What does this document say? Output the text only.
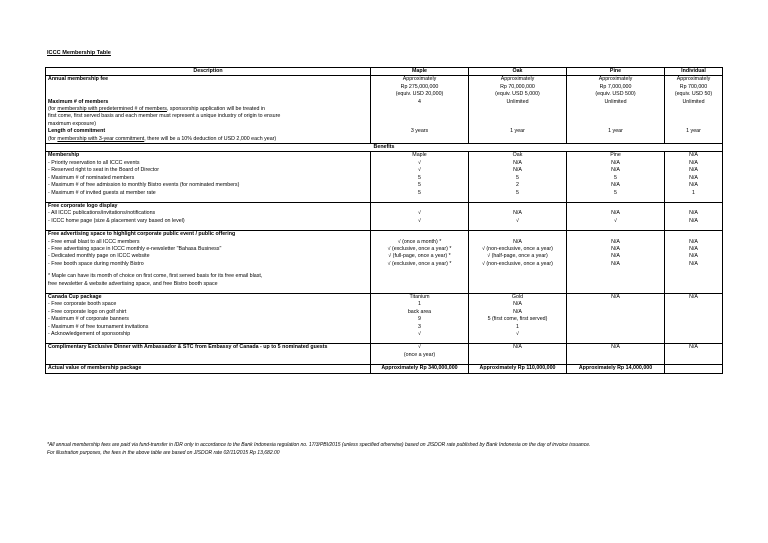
ICCC Membership Table
Description	Maple	Oak	Pine	Individual
Annual membership fee	Approximately	Approximately	Approximately	Approximately
	Rp 275,000,000	Rp 70,000,000	Rp 7,000,000	Rp 700,000
	(equiv. USD 20,000)	(equiv. USD 5,000)	(equiv. USD 500)	(equiv. USD 50)
Maximum # of members	4	Unlimited	Unlimited	Unlimited
(for membership with predetermined # of members, sponsorship application will be treated in				
first come, first served basis and each member must represent a unique industry of origin to ensure				
maximum exposure)				
Length of commitment	3 years	1 year	1 year	1 year
(for membership with 3-year commitment, there will be a 10% deduction of USD 2,000 each year)				
Benefits				
Membership	Maple	Oak	Pine	N/A
- Priority reservation to all ICCC events	√	N/A	N/A	N/A
- Reserved right to seat in the Board of Director	√	N/A	N/A	N/A
- Maximum # of nominated members	5	5	5	N/A
- Maximum # of free admission to monthly Bistro events (for nominated members)	5	2	N/A	N/A
- Maximum # of invited guests at member rate	5	5	5	1

Free corporate logo display				
- All ICCC publications/invitations/notifications	√	N/A	N/A	N/A
- ICCC home page (size & placement vary based on level)	√	√	√	N/A

Free advertising space to highlight corporate public event / public offering				
- Free email blast to all ICCC members	√ (once a month) *	N/A	N/A	N/A
- Free advertising space in ICCC monthly e-newsletter "Bahasa Business"	√ (exclusive, once a year) *	√ (non-exclusive, once a year)	N/A	N/A
- Dedicated monthly page on ICCC website	√ (full-page, once a year) *	√ (half-page, once a year)	N/A	N/A
- Free booth space during monthly Bistro	√ (exclusive, once a year) *	√ (non-exclusive, once a year)	N/A	N/A

* Maple can have its month of choice on first come, first served basis for its free email blast,				
free newsletter & website advertising space, and free Bistro booth space				

Canada Cup package	Titanium	Gold	N/A	N/A
- Free corporate booth space	1	N/A		
- Free corporate logo on golf shirt	back area	N/A		
- Maximum # of corporate banners	9	5 (first come, first served)		
- Maximum # of free tournament invitations	3	1		
- Acknowledgement of sponsorship	√	√		

Complimentary Exclusive Dinner with Ambassador & STC from Embassy of Canada - up to 5 nominated guests	√	N/A	N/A	N/A
	(once a year)			

Actual value of membership package	Approximately Rp 340,000,000	Approximately Rp 110,000,000	Approximately Rp 14,000,000	
*All annual membership fees are paid via fund-transfer in IDR only in accordance to the Bank Indonesia regulation no. 17/3/PBI/2015 (unless specified otherwise) based on JISDOR rate published by Bank Indonesia on the day of invoice issuance.
For illustration purposes, the fees in the above table are based on JISDOR rate 02/11/2015 Rp 13,682.00
